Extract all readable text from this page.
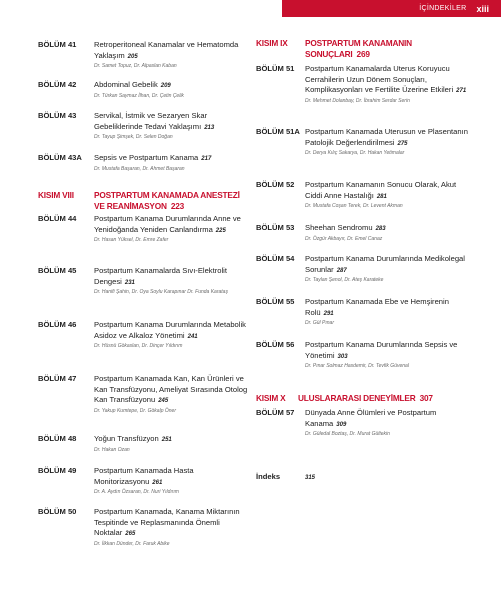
İÇİNDEKİLER xiii
BÖLÜM 41	Retroperitoneal Kanamalar ve Hematomda Yaklaşım 205
Dr. Samet Topuz, Dr. Alpaslan Kaban
BÖLÜM 42	Abdominal Gebelik 209
Dr. Türkan Saymaz İlhan, Dr. Çetin Çelik
BÖLÜM 43	Servikal, İstmik ve Sezaryen Skar Gebeliklerinde Tedavi Yaklaşımı 213
Dr. Tayup Şimşek, Dr. Selen Doğan
BÖLÜM 43A	Sepsis ve Postpartum Kanama 217
Dr. Mustafa Başaran, Dr. Ahmet Başaran
KISIM VIII POSTPARTUM KANAMADA ANESTEZİ VE REANİMASYON 223
BÖLÜM 44	Postpartum Kanama Durumlarında Anne ve Yenidoğanda Yeniden Canlandırma 225
Dr. Hasan Yüksel, Dr. Emre Zafer
BÖLÜM 45	Postpartum Kanamalarda Sıvı-Elektrolit Dengesi 231
Dr. Hanifi Şahin, Dr. Oya Soylu Karapınar Dr. Funda Karataş
BÖLÜM 46	Postpartum Kanama Durumlarında Metabolik Asidoz ve Alkaloz Yönetimi 241
Dr. Hüsnü Gökaslan, Dr. Dinçer Yıldırım
BÖLÜM 47	Postpartum Kanamada Kan, Kan Ürünleri ve Kan Transfüzyonu, Ameliyat Sırasında Otolog Kan Transfüzyonu 245
Dr. Yakup Kumtepe, Dr. Gökalp Öner
BÖLÜM 48	Yoğun Transfüzyon 251
Dr. Hakan Ozan
BÖLÜM 49	Postpartum Kanamada Hasta Monitorizasyonu 261
Dr. A. Aydın Özsaran, Dr. Nuri Yıldırım
BÖLÜM 50	Postpartum Kanamada, Kanama Miktarının Tespitinde ve Replasmanında Önemli Noktalar 265
Dr. İlkkan Dünder, Dr. Faruk Abike
KISIM IX POSTPARTUM KANAMANIN SONUÇLARI 269
BÖLÜM 51	Postpartum Kanamalarda Uterus Koruyucu Cerrahilerin Uzun Dönem Sonuçları, Komplikasyonları ve Fertilite Üzerine Etkileri 271
Dr. Mehmet Dolanbay, Dr. İbrahim Serdar Serin
BÖLÜM 51A Postpartum Kanamada Uterusun ve Plasentanın Patolojik Değerlendirilmesi 275
Dr. Derya Kılıç Sakarya, Dr. Hakan Yetimalar
BÖLÜM 52	Postpartum Kanamanın Sonucu Olarak, Akut Ciddi Anne Hastalığı 281
Dr. Mustafa Coşan Terek, Dr. Levent Akman
BÖLÜM 53	Sheehan Sendromu 283
Dr. Özgür Akbayır, Dr. Emel Canaz
BÖLÜM 54	Postpartum Kanama Durumlarında Medikolegal Sorunlar 287
Dr. Taylan Şenol, Dr. Ateş Karateke
BÖLÜM 55	Postpartum Kanamada Ebe ve Hemşirenin Rolü 291
Dr. Gül Pınar
BÖLÜM 56	Postpartum Kanama Durumlarında Sepsis ve Yönetimi 303
Dr. Pınar Solmaz Hasdemir, Dr. Tevfik Güvenal
KISIM X ULUSLARARASI DENEYİMLER 307
BÖLÜM 57	Dünyada Anne Ölümleri ve Postpartum Kanama 309
Dr. Güledal Boztaş, Dr. Murat Gültekin
İndeks	315
